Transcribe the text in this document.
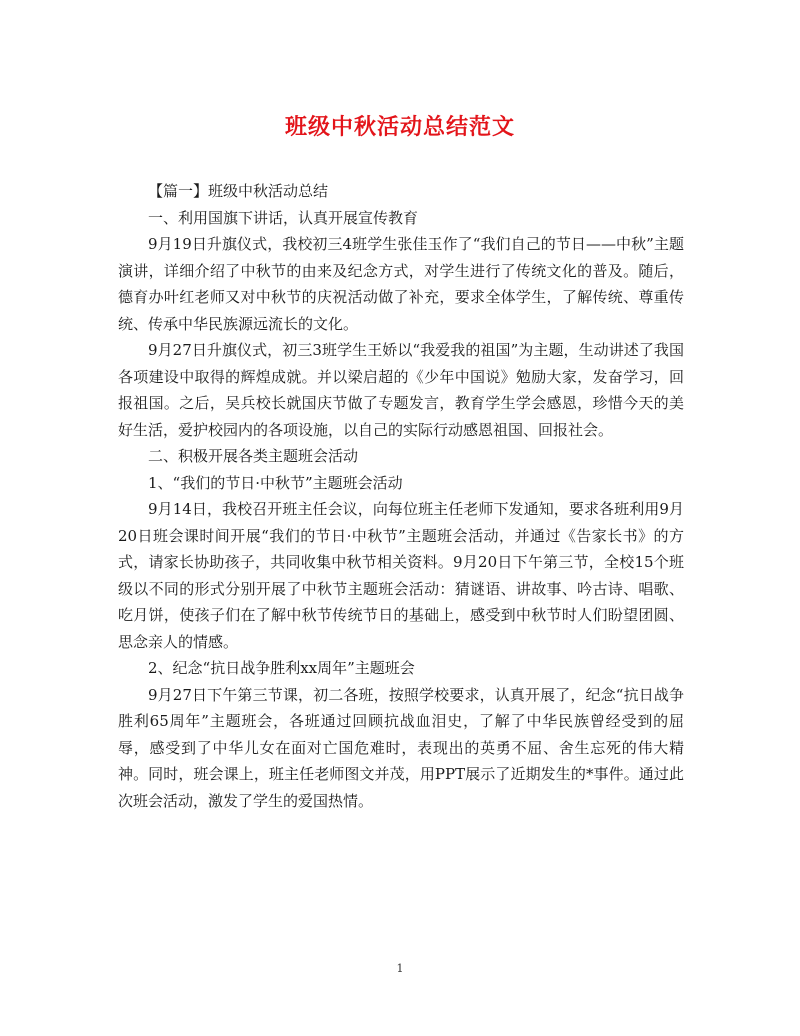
班级中秋活动总结范文

【篇一】班级中秋活动总结

一、利用国旗下讲话，认真开展宣传教育

9月19日升旗仪式，我校初三4班学生张佳玉作了“我们自己的节日——中秋”主题演讲，详细介绍了中秋节的由来及纪念方式，对学生进行了传统文化的普及。随后，德育办叶红老师又对中秋节的庆祝活动做了补充，要求全体学生，了解传统、尊重传统、传承中华民族源远流长的文化。

9月27日升旗仪式，初三3班学生王娇以“我爱我的祖国”为主题，生动讲述了我国各项建设中取得的辉煌成就。并以梁启超的《少年中国说》勉励大家，发奋学习，回报祖国。之后，吴兵校长就国庆节做了专题发言，教育学生学会感恩，珍惜今天的美好生活，爱护校园内的各项设施，以自己的实际行动感恩祖国、回报社会。

二、积极开展各类主题班会活动

1、“我们的节日·中秋节”主题班会活动

9月14日，我校召开班主任会议，向每位班主任老师下发通知，要求各班利用9月20日班会课时间开展“我们的节日·中秋节”主题班会活动，并通过《告家长书》的方式，请家长协助孩子，共同收集中秋节相关资料。9月20日下午第三节，全校15个班级以不同的形式分别开展了中秋节主题班会活动：猜谜语、讲故事、吟古诗、唱歌、吃月饼，使孩子们在了解中秋节传统节日的基础上，感受到中秋节时人们盼望团圆、思念亲人的情感。

2、纪念“抗日战争胜利xx周年”主题班会

9月27日下午第三节课，初二各班，按照学校要求，认真开展了，纪念“抗日战争胜利65周年”主题班会，各班通过回顾抗战血泪史，了解了中华民族曾经受到的屈辱，感受到了中华儿女在面对亡国危难时，表现出的英勇不屈、舍生忘死的伟大精神。同时，班会课上，班主任老师图文并茂，用PPT展示了近期发生的*事件。通过此次班会活动，激发了学生的爱国热情。

1
